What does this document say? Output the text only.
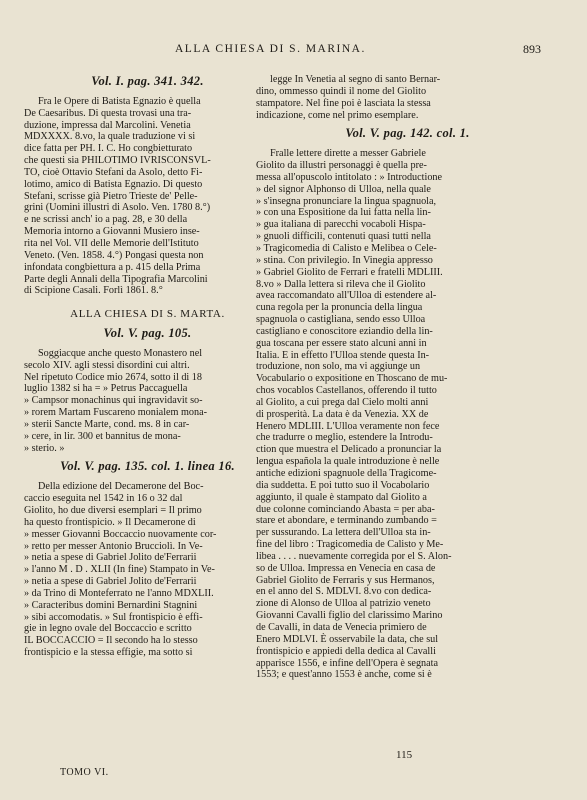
ALLA CHIESA DI S. MARINA.	893
Vol. I. pag. 341. 342.
Fra le Opere di Batista Egnazio è quella
De Caesaribus. Di questa trovasi una tra-
duzione, impressa dal Marcolini. Venetia
MDXXXX. 8.vo, la quale traduzione vi si
dice fatta per PH. I. C. Ho congbietturato
che questi sia PHILOTIMO IVRISCONSVL-
TO, cioè Ottavio Stefani da Asolo, detto Fi-
lotimo, amico di Batista Egnazio. Di questo
Stefani, scrisse già Pietro Trieste de' Pelle-
grini (Uomini illustri di Asolo. Ven. 1780 8.°)
e ne scrissi anch' io a pag. 28, e 30 della
Memoria intorno a Giovanni Musiero inse-
rita nel Vol. VII delle Memorie dell'Istituto
Veneto. (Ven. 1858. 4.°) Pongasi questa non
infondata congbiettura a p. 415 della Prima
Parte degli Annali della Tipografia Marcolini
di Scipione Casali. Forlì 1861. 8.°
ALLA CHIESA DI S. MARTA.
Vol. V. pag. 105.
Soggiacque anche questo Monastero nel
secolo XIV. agli stessi disordini cui altri.
Nel ripetuto Codice mio 2674, sotto il di 18
luglio 1382 si ha = » Petrus Paccaguella
» Campsor monachinus qui ingravidavit so-
» rorem Martam Fuscareno monialem mona-
» sterii Sancte Marte, cond. ms. 8 in car-
» cere, in lir. 300 et bannitus de mona-
» sterio. »
Vol. V. pag. 135. col. 1. linea 16.
Della edizione del Decamerone del Boc-
caccio eseguita nel 1542 in 16 o 32 dal
Giolito, ho due diversi esemplari = Il primo
ha questo frontispicio. » Il Decamerone di
» messer Giovanni Boccaccio nuovamente cor-
» retto per messer Antonio Brucciolì. In Ve-
» netia a spese di Gabriel Jolito de'Ferrarii
» l'anno M . D . XLII (In fine) Stampato in Ve-
» netia a spese di Gabriel Jolito de'Ferrarii
» da Trino di Monteferrato ne l'anno MDXLII.
» Caracteribus domini Bernardini Stagnini
» sibi accomodatis. » Sul frontispicio è effi-
gie in legno ovale del Boccaccio e scritto
IL BOCCACCIO = Il secondo ha lo stesso
frontispicio e la stessa effigie, ma sotto si
legge In Venetia al segno di santo Bernar-
dino, ommesso quindi il nome del Giolito
stampatore. Nel fine poi è lasciata la stessa
indicazione, come nel primo esemplare.
Vol. V. pag. 142. col. 1.
Fralle lettere dirette a messer Gabriele
Giolito da illustri personaggi è quella pre-
messa all'opuscolo intitolato : » Introductione
» del signor Alphonso di Ulloa, nella quale
» s'insegna pronunciare la lingua spagnuola,
» con una Espositione da lui fatta nella lin-
» gua italiana di parecchi vocaboli Hispa-
» gnuoli difficili, contenuti quasi tutti nella
» Tragicomedia di Calisto e Melibea o Cele-
» stina. Con privilegio. In Vinegia appresso
» Gabriel Giolito de Ferrari e fratelli MDLIII.
8.vo » Dalla lettera si rileva che il Giolito
avea raccomandato all'Ulloa di estendere al-
cuna regola per la pronuncia della lingua
spagnuola o castigliana, sendo esso Ulloa
castigliano e conoscitore eziandio della lin-
gua toscana per essere stato alcuni anni in
Italia. E in effetto l'Ulloa stende questa In-
troduzione, non solo, ma vi aggiunge un
Vocabulario o expositione en Thoscano de mu-
chos vocablos Castellanos, offerendo il tutto
al Giolito, a cui prega dal Cielo molti anni
di prosperità. La data è da Venezia. XX de
Henero MDLIII. L'Ulloa veramente non fece
che tradurre o meglio, estendere la Introdu-
ction que muestra el Delicado a pronunciar la
lengua española la quale introduzione è nelle
antiche edizioni spagnuole della Tragicome-
dia suddetta. E poi tutto suo il Vocabolario
aggiunto, il quale è stampato dal Giolito a
due colonne cominciando Abasta = per aba-
stare et abondare, e terminando zumbando =
per sussurando. La lettera dell'Ulloa sta in-
fine del libro : Tragicomedia de Calisto y Me-
libea . . . . nuevamente corregida por el S. Alon-
so de Ulloa. Impressa en Venecia en casa de
Gabriel Giolito de Ferraris y sus Hermanos,
en el anno del S. MDLVI. 8.vo con dedica-
zione di Alonso de Ulloa al patrizio veneto
Giovanni Cavalli figlio del clarissimo Marino
de Cavalli, in data de Venecia primiero de
Enero MDLVI. È osservabile la data, che sul
frontispicio e appiedi della dedica al Cavalli
apparisce 1556, e infine dell'Opera è segnata
1553; e quest'anno 1553 è anche, come si è
TOMO VI.
115
